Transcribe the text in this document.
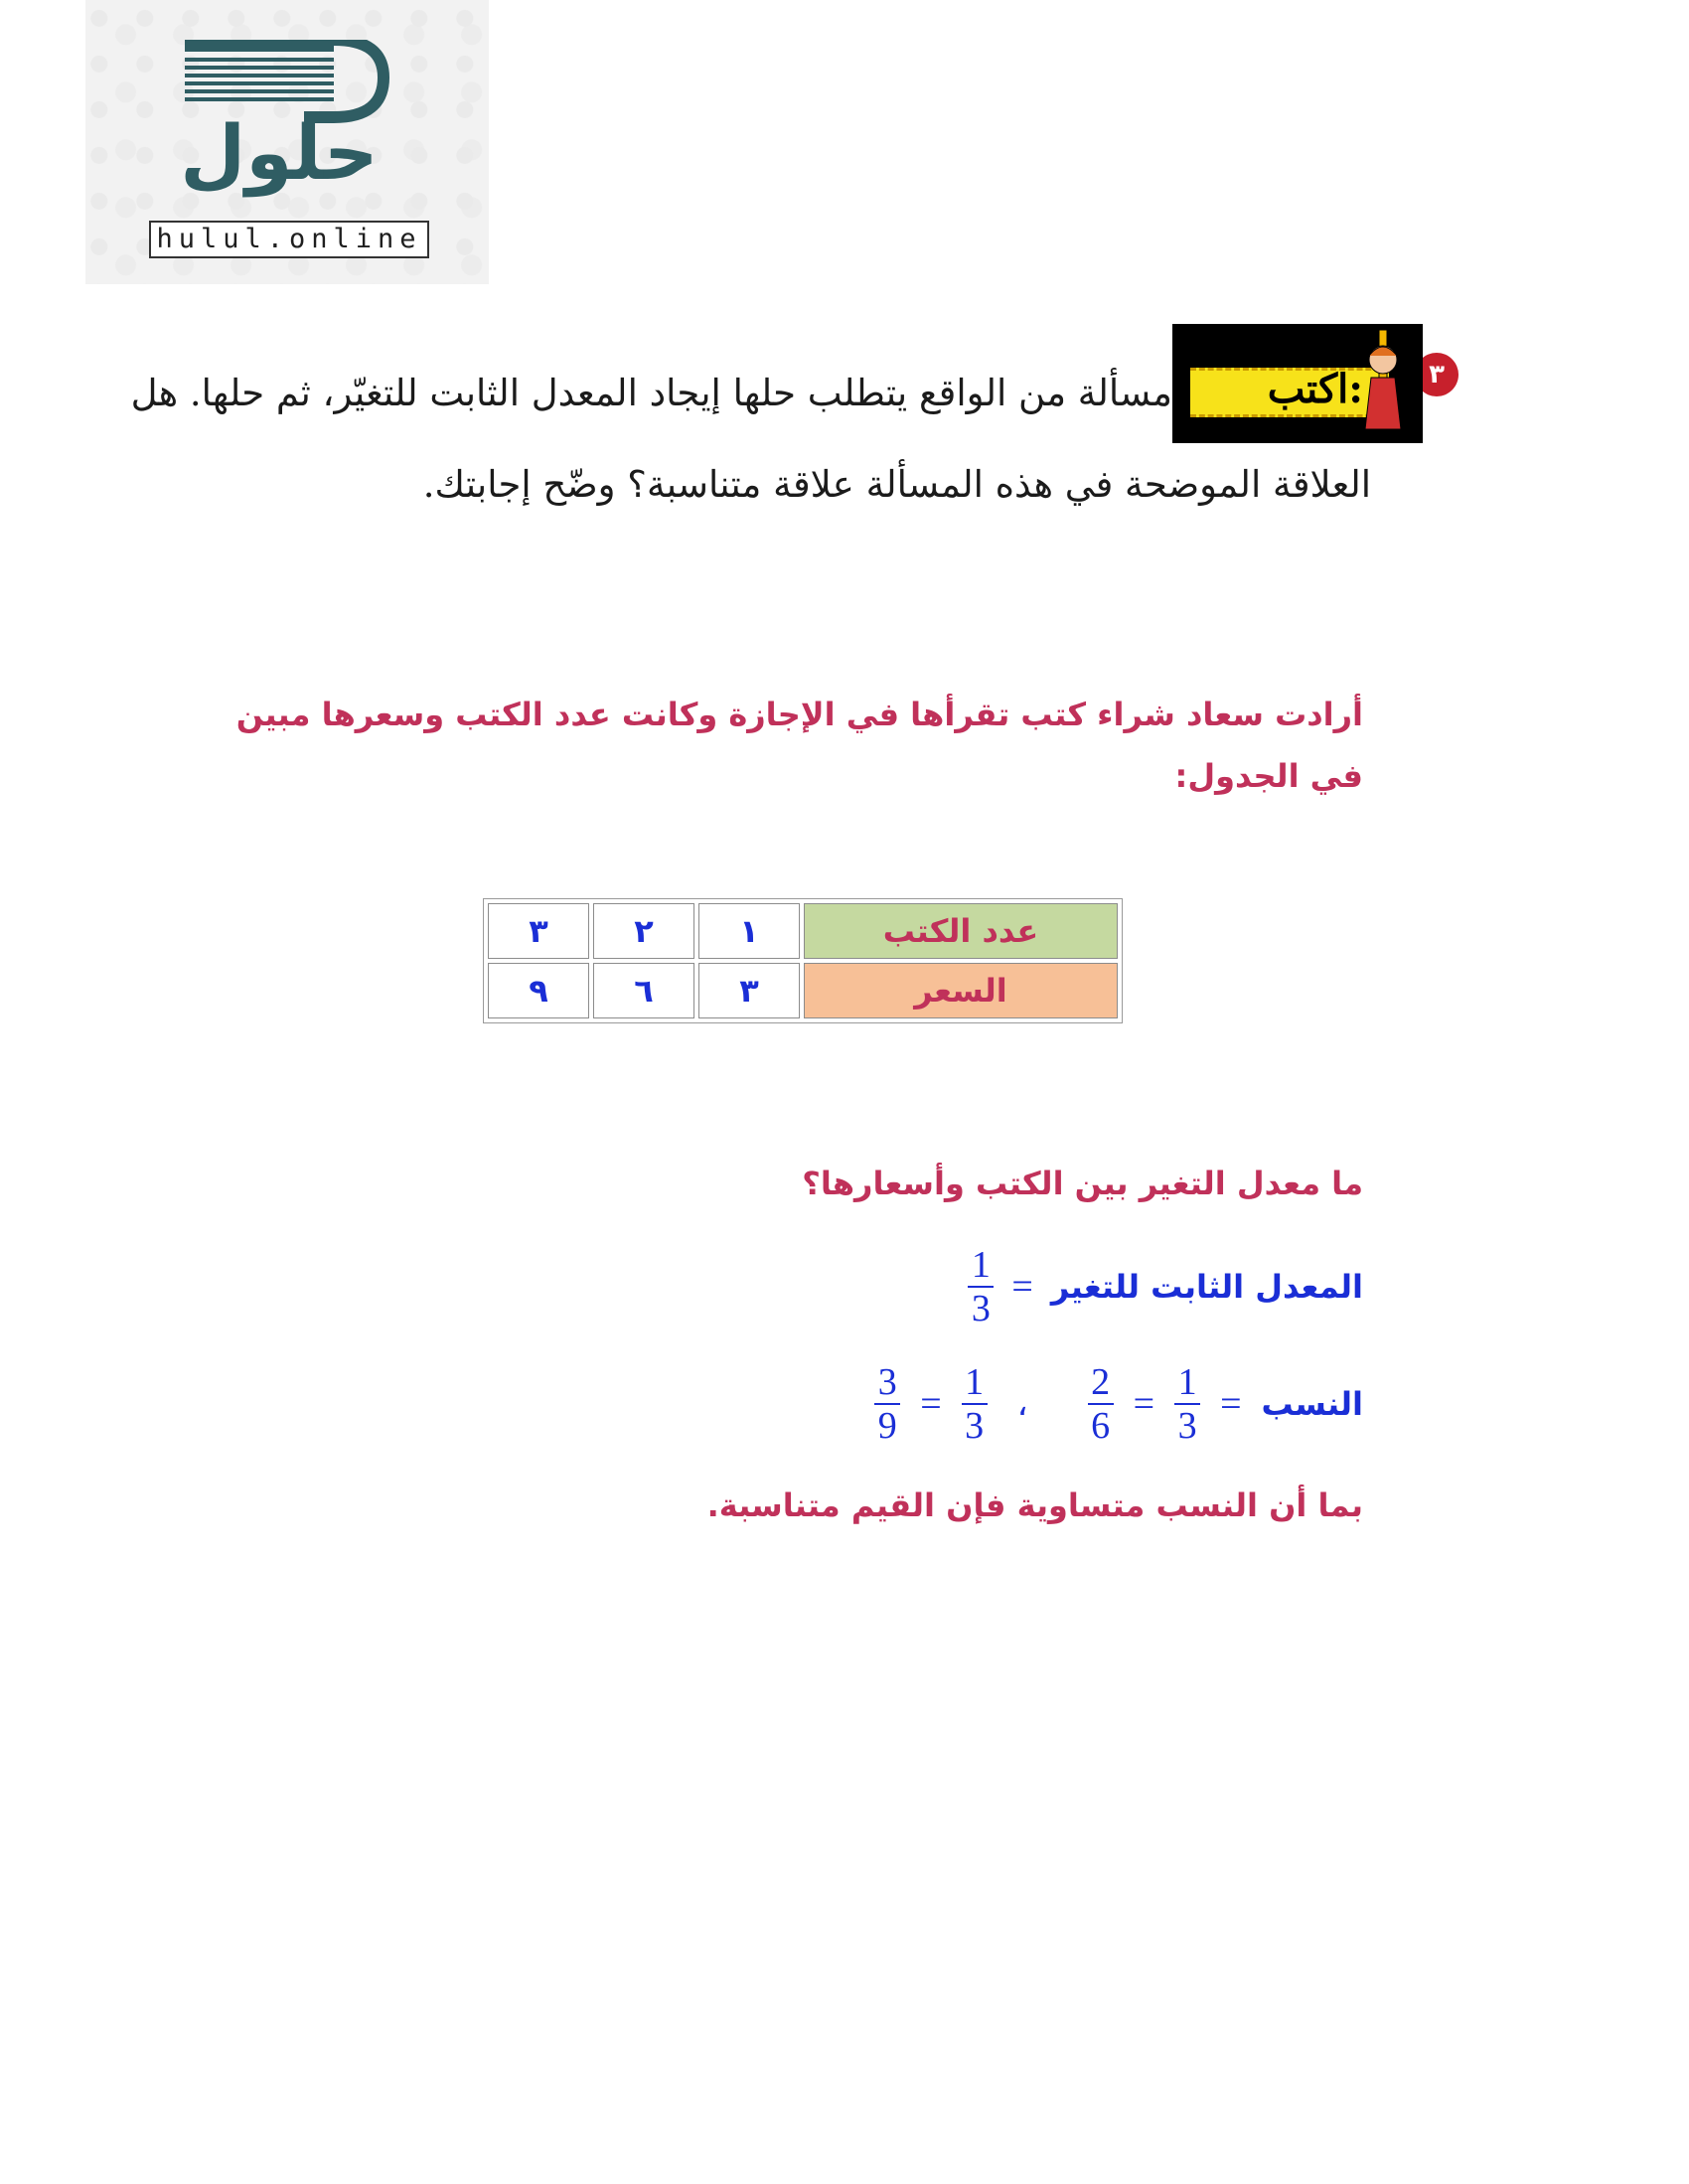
حلول
hulul.online
٣
اكتب:
مسألة من الواقع يتطلب حلها إيجاد المعدل الثابت للتغيّر، ثم حلها. هل
العلاقة الموضحة في هذه المسألة علاقة متناسبة؟ وضّح إجابتك.
أرادت سعاد شراء كتب تقرأها في الإجازة وكانت عدد الكتب وسعرها مبين
في الجدول:
عدد الكتب	١	٢	٣
السعر	٣	٦	٩
ما معدل التغير بين الكتب وأسعارها؟
المعدل الثابت للتغير
=
$\frac{1}{3}$
النسب
=
$\frac{1}{3}$
=
$\frac{2}{6}$
،
$\frac{1}{3}$
=
$\frac{3}{9}$
بما أن النسب متساوية فإن القيم متناسبة.
